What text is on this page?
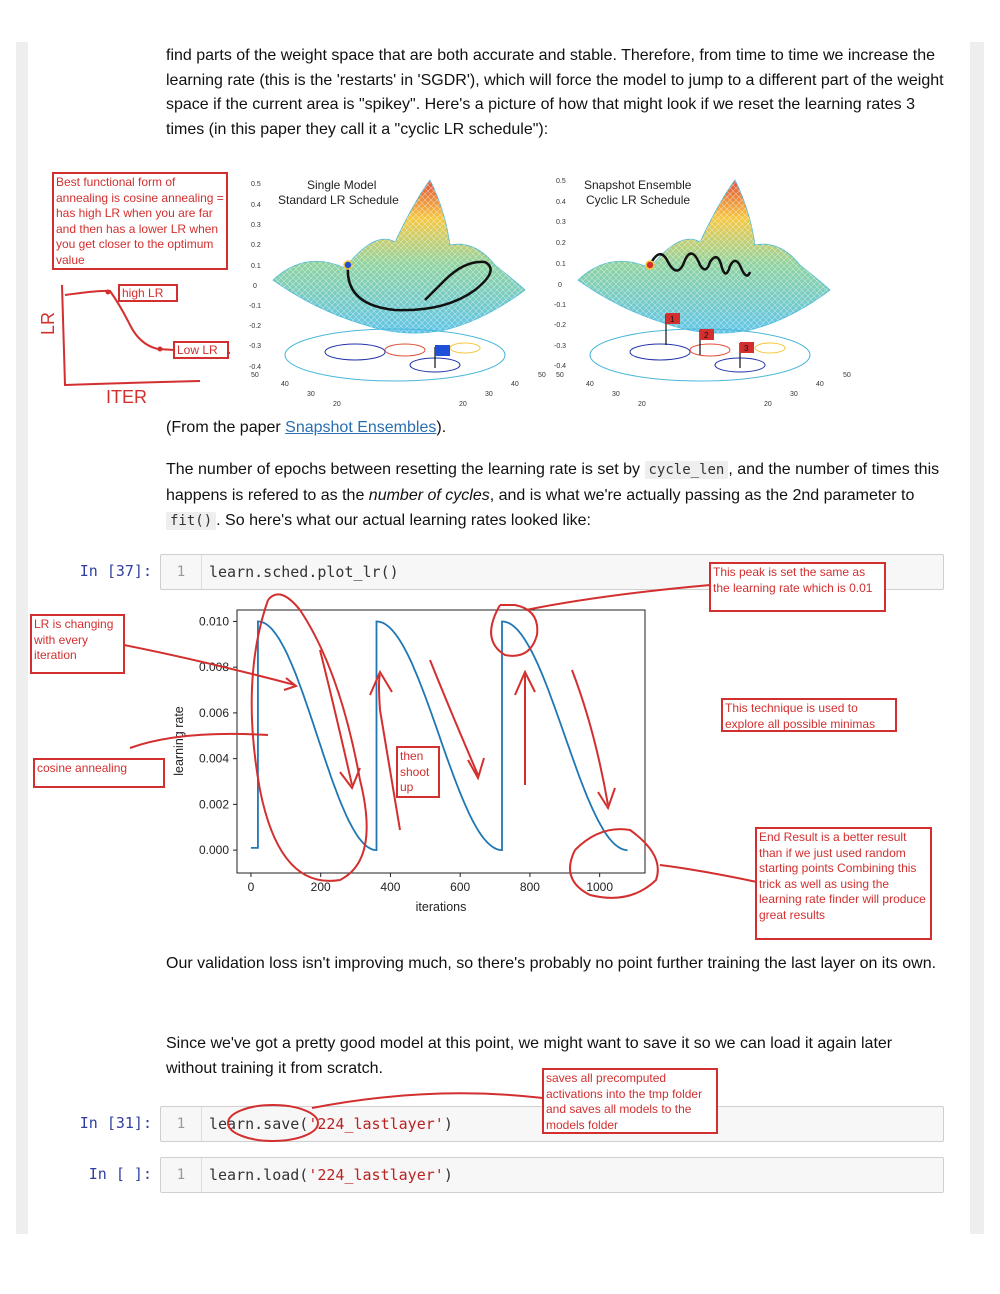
find parts of the weight space that are both accurate and stable. Therefore, from time to time we increase the learning rate (this is the 'restarts' in 'SGDR'), which will force the model to jump to a different part of the weight space if the current area is "spikey". Here's a picture of how that might look if we reset the learning rates 3 times (in this paper they call it a "cyclic LR schedule"):

0.5
0.4
0.3
0.2
0.1
0
-0.1
-0.2
-0.3
-0.4
Single Model
Standard LR Schedule
50
40
30
20	20
30
40
50
0.5
0.4
0.3
0.2
0.1
0
-0.1
-0.2
-0.3
-0.4
Snapshot Ensemble
Cyclic LR Schedule
50
40
30
20	20
30
40
50
1
2
3
Best functional form of annealing is cosine annealing = has high LR when you are far and then has a lower LR when you get closer to the optimum value
LR
ITER
high LR
Low LR

(From the paper Snapshot Ensembles).

The number of epochs between resetting the learning rate is set by cycle_len , and the number of times this happens is refered to as the number of cycles, and is what we're actually passing as the 2nd parameter to fit() . So here's what our actual learning rates looked like:

In [37]:	1	learn.sched.plot_lr()
0	200	400	600	800	1000
0.000
0.002
0.004
0.006
0.008
0.010
iterations
learning rate
LR is changing with every iteration
cosine annealing
then shoot up
This peak is set the same as the learning rate which is 0.01
This technique is used to explore all possible minimas
End Result is a better result than if we just used random starting points Combining this trick as well as using the learning rate finder will produce great results

Our validation loss isn't improving much, so there's probably no point further training the last layer on its own.

Since we've got a pretty good model at this point, we might want to save it so we can load it again later without training it from scratch.

In [31]:	1	learn.save('224_lastlayer')
In [ ]:	1	learn.load('224_lastlayer')
saves all precomputed activations into the tmp folder and saves all models to the models folder
